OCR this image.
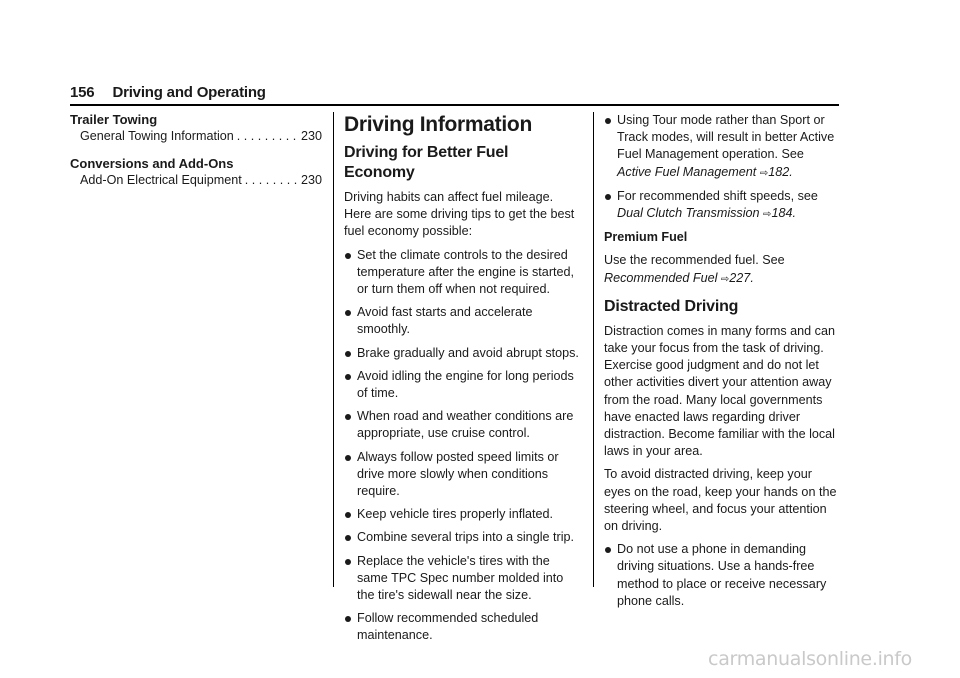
156 Driving and Operating
Trailer Towing
General Towing Information . . .	230
Conversions and Add-Ons
Add-On Electrical Equipment . . .	230
Driving Information
Driving for Better Fuel Economy
Driving habits can affect fuel mileage. Here are some driving tips to get the best fuel economy possible:
Set the climate controls to the desired temperature after the engine is started, or turn them off when not required.
Avoid fast starts and accelerate smoothly.
Brake gradually and avoid abrupt stops.
Avoid idling the engine for long periods of time.
When road and weather conditions are appropriate, use cruise control.
Always follow posted speed limits or drive more slowly when conditions require.
Keep vehicle tires properly inflated.
Combine several trips into a single trip.
Replace the vehicle's tires with the same TPC Spec number molded into the tire's sidewall near the size.
Follow recommended scheduled maintenance.
Using Tour mode rather than Sport or Track modes, will result in better Active Fuel Management operation. See Active Fuel Management ⇨182.
For recommended shift speeds, see Dual Clutch Transmission ⇨184.
Premium Fuel
Use the recommended fuel. See Recommended Fuel ⇨227.
Distracted Driving
Distraction comes in many forms and can take your focus from the task of driving. Exercise good judgment and do not let other activities divert your attention away from the road. Many local governments have enacted laws regarding driver distraction. Become familiar with the local laws in your area.
To avoid distracted driving, keep your eyes on the road, keep your hands on the steering wheel, and focus your attention on driving.
Do not use a phone in demanding driving situations. Use a hands-free method to place or receive necessary phone calls.
carmanualsonline.info
